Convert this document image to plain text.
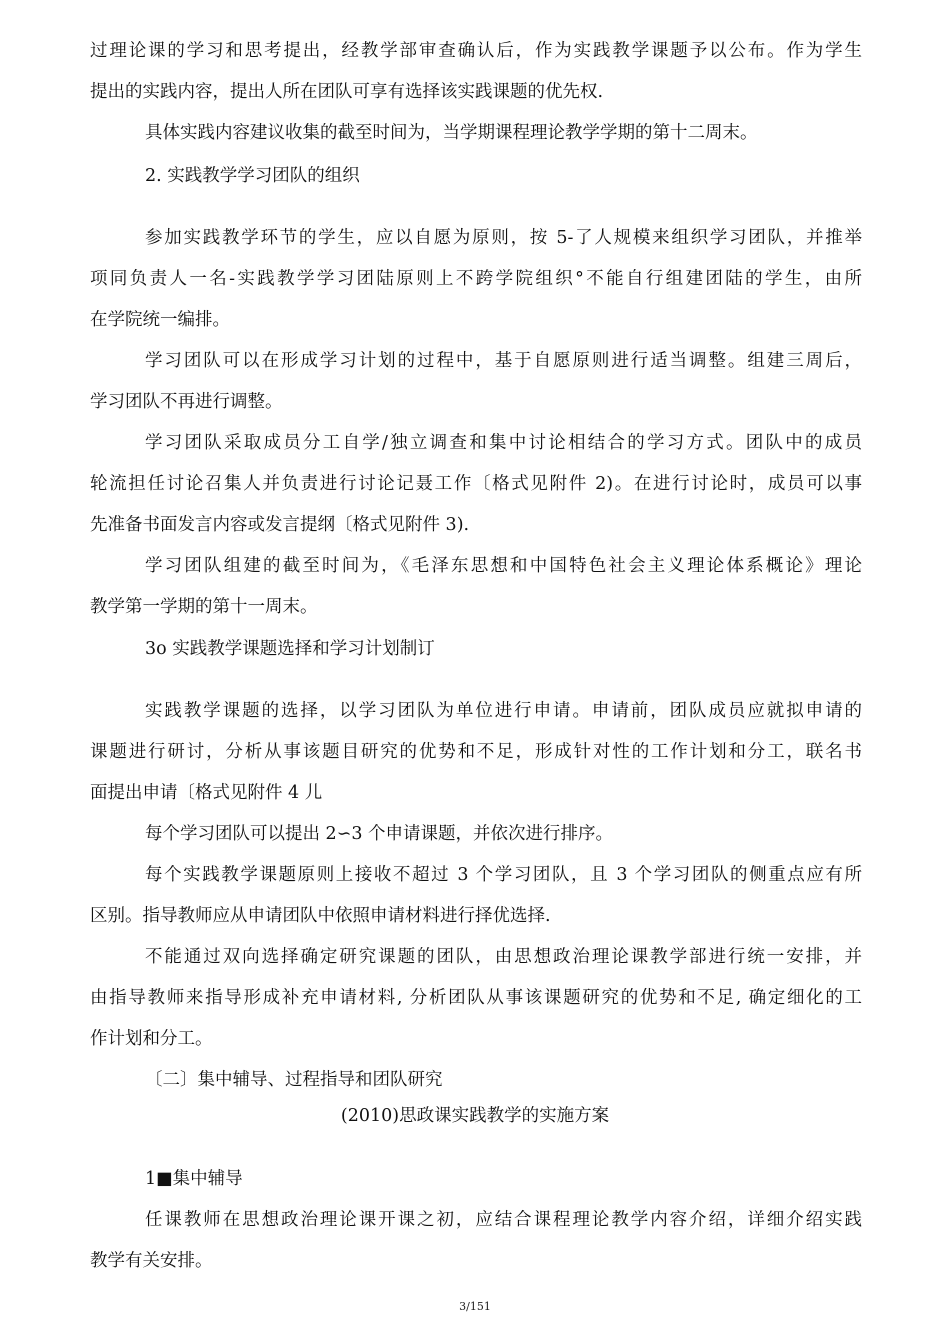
过理论课的学习和思考提出，经教学部审查确认后，作为实践教学课题予以公布。作为学生
提出的实践内容，提出人所在团队可享有选择该实践课题的优先权.
具体实践内容建议收集的截至时间为，当学期课程理论教学学期的第十二周末。
2. 实践教学学习团队的组织
参加实践教学环节的学生，应以自愿为原则，按 5-了人规模来组织学习团队，并推举
项同负责人一名-实践教学学习团陆原则上不跨学院组织°不能自行组建团陆的学生，由所
在学院统一编排。
学习团队可以在形成学习计划的过程中，基于自愿原则进行适当调整。组建三周后，
学习团队不再进行调整。
学习团队采取成员分工自学/独立调查和集中讨论相结合的学习方式。团队中的成员
轮流担任讨论召集人并负责进行讨论记聂工作〔格式见附件 2)。在进行讨论时，成员可以事
先准备书面发言内容或发言提纲〔格式见附件 3).
学习团队组建的截至时间为，《毛泽东思想和中国特色社会主义理论体系概论》理论
教学第一学期的第十一周末。
3o 实践教学课题选择和学习计划制订
实践教学课题的选择，以学习团队为单位进行申请。申请前，团队成员应就拟申请的
课题进行研讨，分析从事该题目研究的优势和不足，形成针对性的工作计划和分工，联名书
面提出申请〔格式见附件 4 儿
每个学习团队可以提出 2∽3 个申请课题，并依次进行排序。
每个实践教学课题原则上接收不超过 3 个学习团队，且 3 个学习团队的侧重点应有所
区别。指导教师应从申请团队中依照申请材料进行择优选择.
不能通过双向选择确定研究课题的团队，由思想政治理论课教学部进行统一安排，并
由指导教师来指导形成补充申请材料, 分析团队从事该课题研究的优势和不足, 确定细化的工
作计划和分工。
〔二〕集中辅导、过程指导和团队研究
(2010)思政课实践教学的实施方案
1■集中辅导
任课教师在思想政治理论课开课之初，应结合课程理论教学内容介绍，详细介绍实践
教学有关安排。
3/151
